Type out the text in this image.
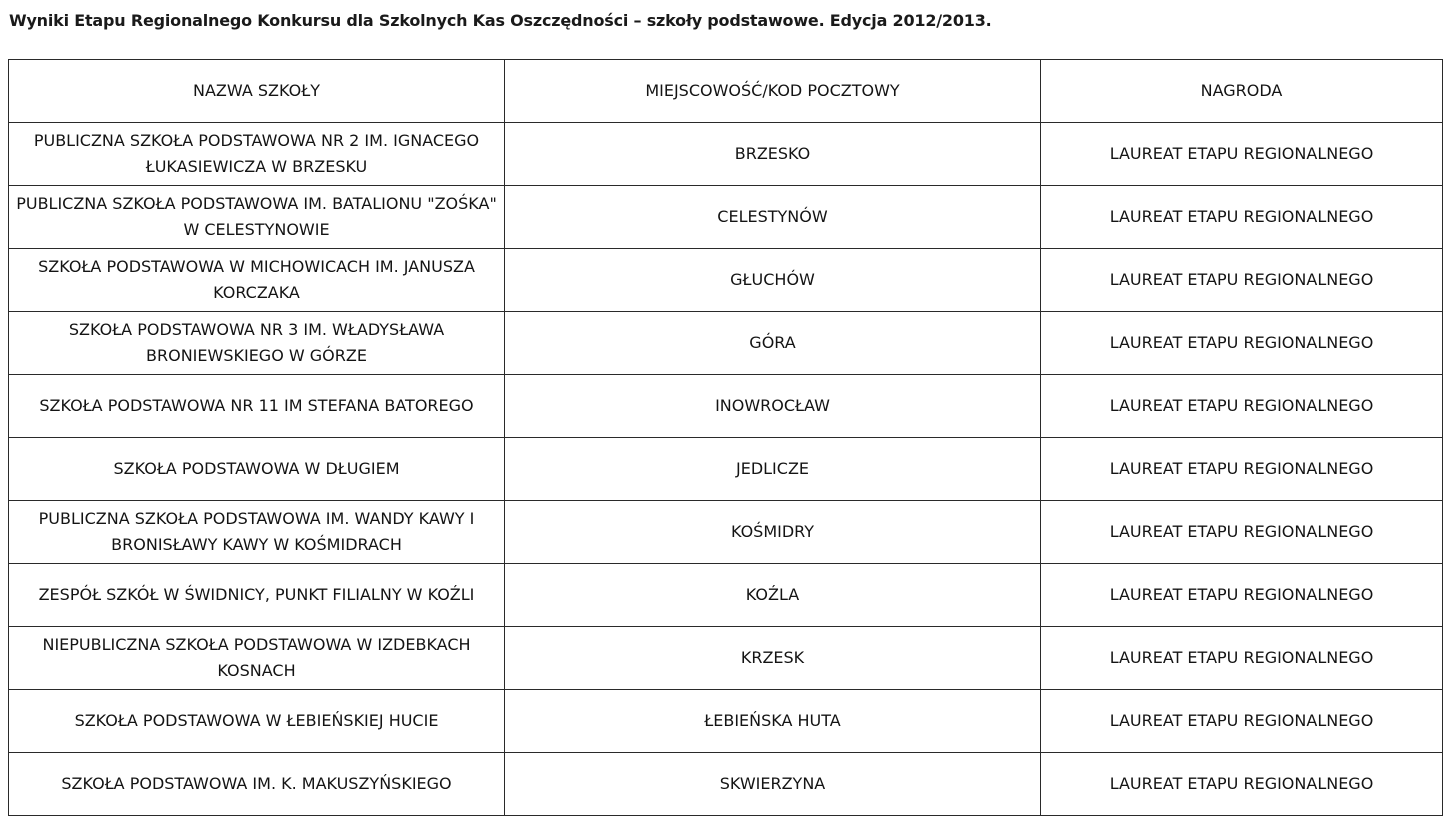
Wyniki Etapu Regionalnego Konkursu dla Szkolnych Kas Oszczędności – szkoły podstawowe. Edycja 2012/2013.
NAZWA SZKOŁY	MIEJSCOWOŚĆ/KOD POCZTOWY	NAGRODA
PUBLICZNA SZKOŁA PODSTAWOWA NR 2 IM. IGNACEGO ŁUKASIEWICZA W BRZESKU	BRZESKO	LAUREAT ETAPU REGIONALNEGO
PUBLICZNA SZKOŁA PODSTAWOWA IM. BATALIONU "ZOŚKA" W CELESTYNOWIE	CELESTYNÓW	LAUREAT ETAPU REGIONALNEGO
SZKOŁA PODSTAWOWA W MICHOWICACH IM. JANUSZA KORCZAKA	GŁUCHÓW	LAUREAT ETAPU REGIONALNEGO
SZKOŁA PODSTAWOWA NR 3 IM. WŁADYSŁAWA BRONIEWSKIEGO W GÓRZE	GÓRA	LAUREAT ETAPU REGIONALNEGO
SZKOŁA PODSTAWOWA NR 11 IM STEFANA BATOREGO	INOWROCŁAW	LAUREAT ETAPU REGIONALNEGO
SZKOŁA PODSTAWOWA W DŁUGIEM	JEDLICZE	LAUREAT ETAPU REGIONALNEGO
PUBLICZNA SZKOŁA PODSTAWOWA IM. WANDY KAWY I BRONISŁAWY KAWY W KOŚMIDRACH	KOŚMIDRY	LAUREAT ETAPU REGIONALNEGO
ZESPÓŁ SZKÓŁ W ŚWIDNICY, PUNKT FILIALNY W KOŹLI	KOŹLA	LAUREAT ETAPU REGIONALNEGO
NIEPUBLICZNA SZKOŁA PODSTAWOWA W IZDEBKACH KOSNACH	KRZESK	LAUREAT ETAPU REGIONALNEGO
SZKOŁA PODSTAWOWA W ŁEBIEŃSKIEJ HUCIE	ŁEBIEŃSKA HUTA	LAUREAT ETAPU REGIONALNEGO
SZKOŁA PODSTAWOWA IM. K. MAKUSZYŃSKIEGO	SKWIERZYNA	LAUREAT ETAPU REGIONALNEGO
